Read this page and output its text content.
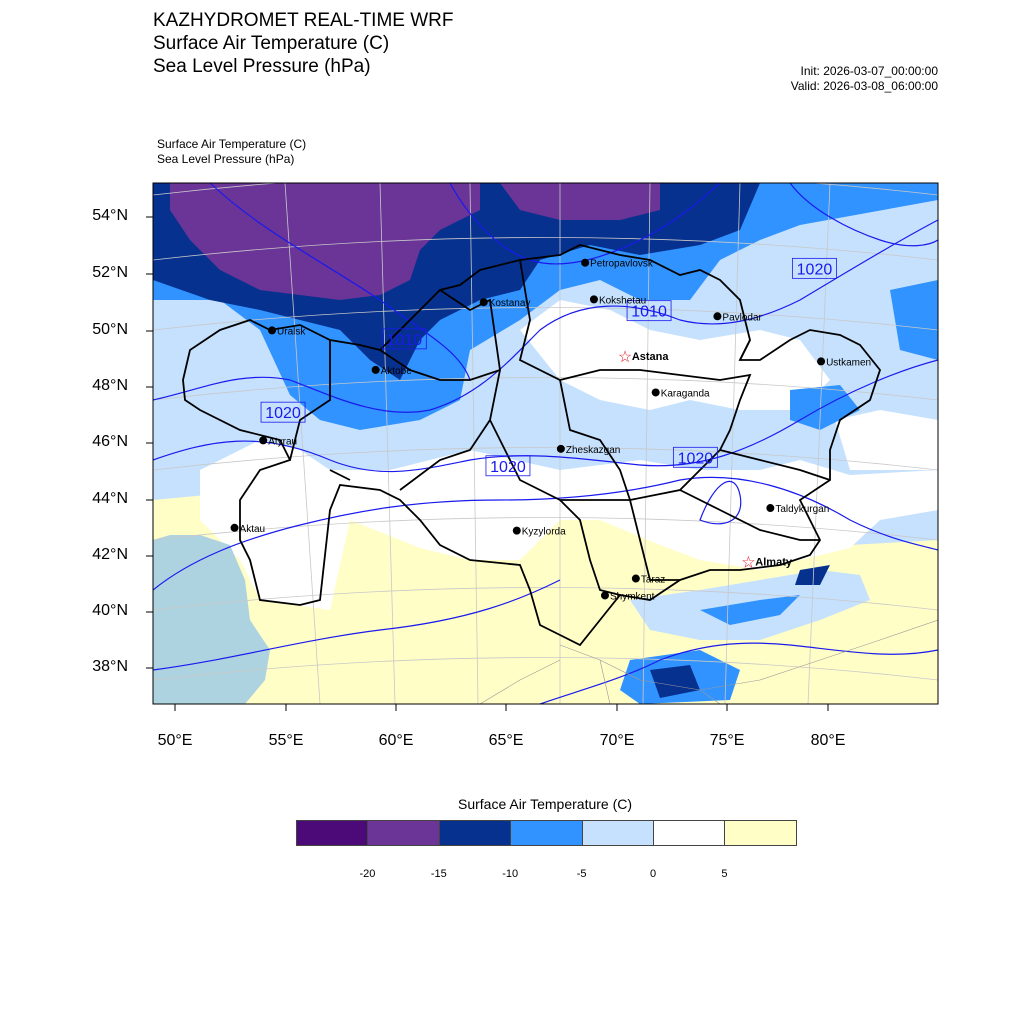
1010
1010
1020
1020	1020
1020
Petropavlovsk
Kostanay	Kokshetau
Uralsk
Pavlodar
Aktobe
Ustkamen
Karaganda
Atyrau
Zheskazgan
Taldykurgan
Aktau	Kyzylorda
Taraz
Shymkent
☆ Astana
☆ Almaty
KAZHYDROMET REAL-TIME WRF
Surface Air Temperature (C)
Sea Level Pressure (hPa)	Init: 2026-03-07_00:00:00
Valid: 2026-03-08_06:00:00
Surface Air Temperature (C)
Sea Level Pressure (hPa)
54°N
52°N
50°N
48°N
46°N
44°N
42°N
40°N
38°N
50°E	55°E	60°E	65°E	70°E	75°E	80°E
Surface Air Temperature (C)
-20	-15	-10	-5	0	5
